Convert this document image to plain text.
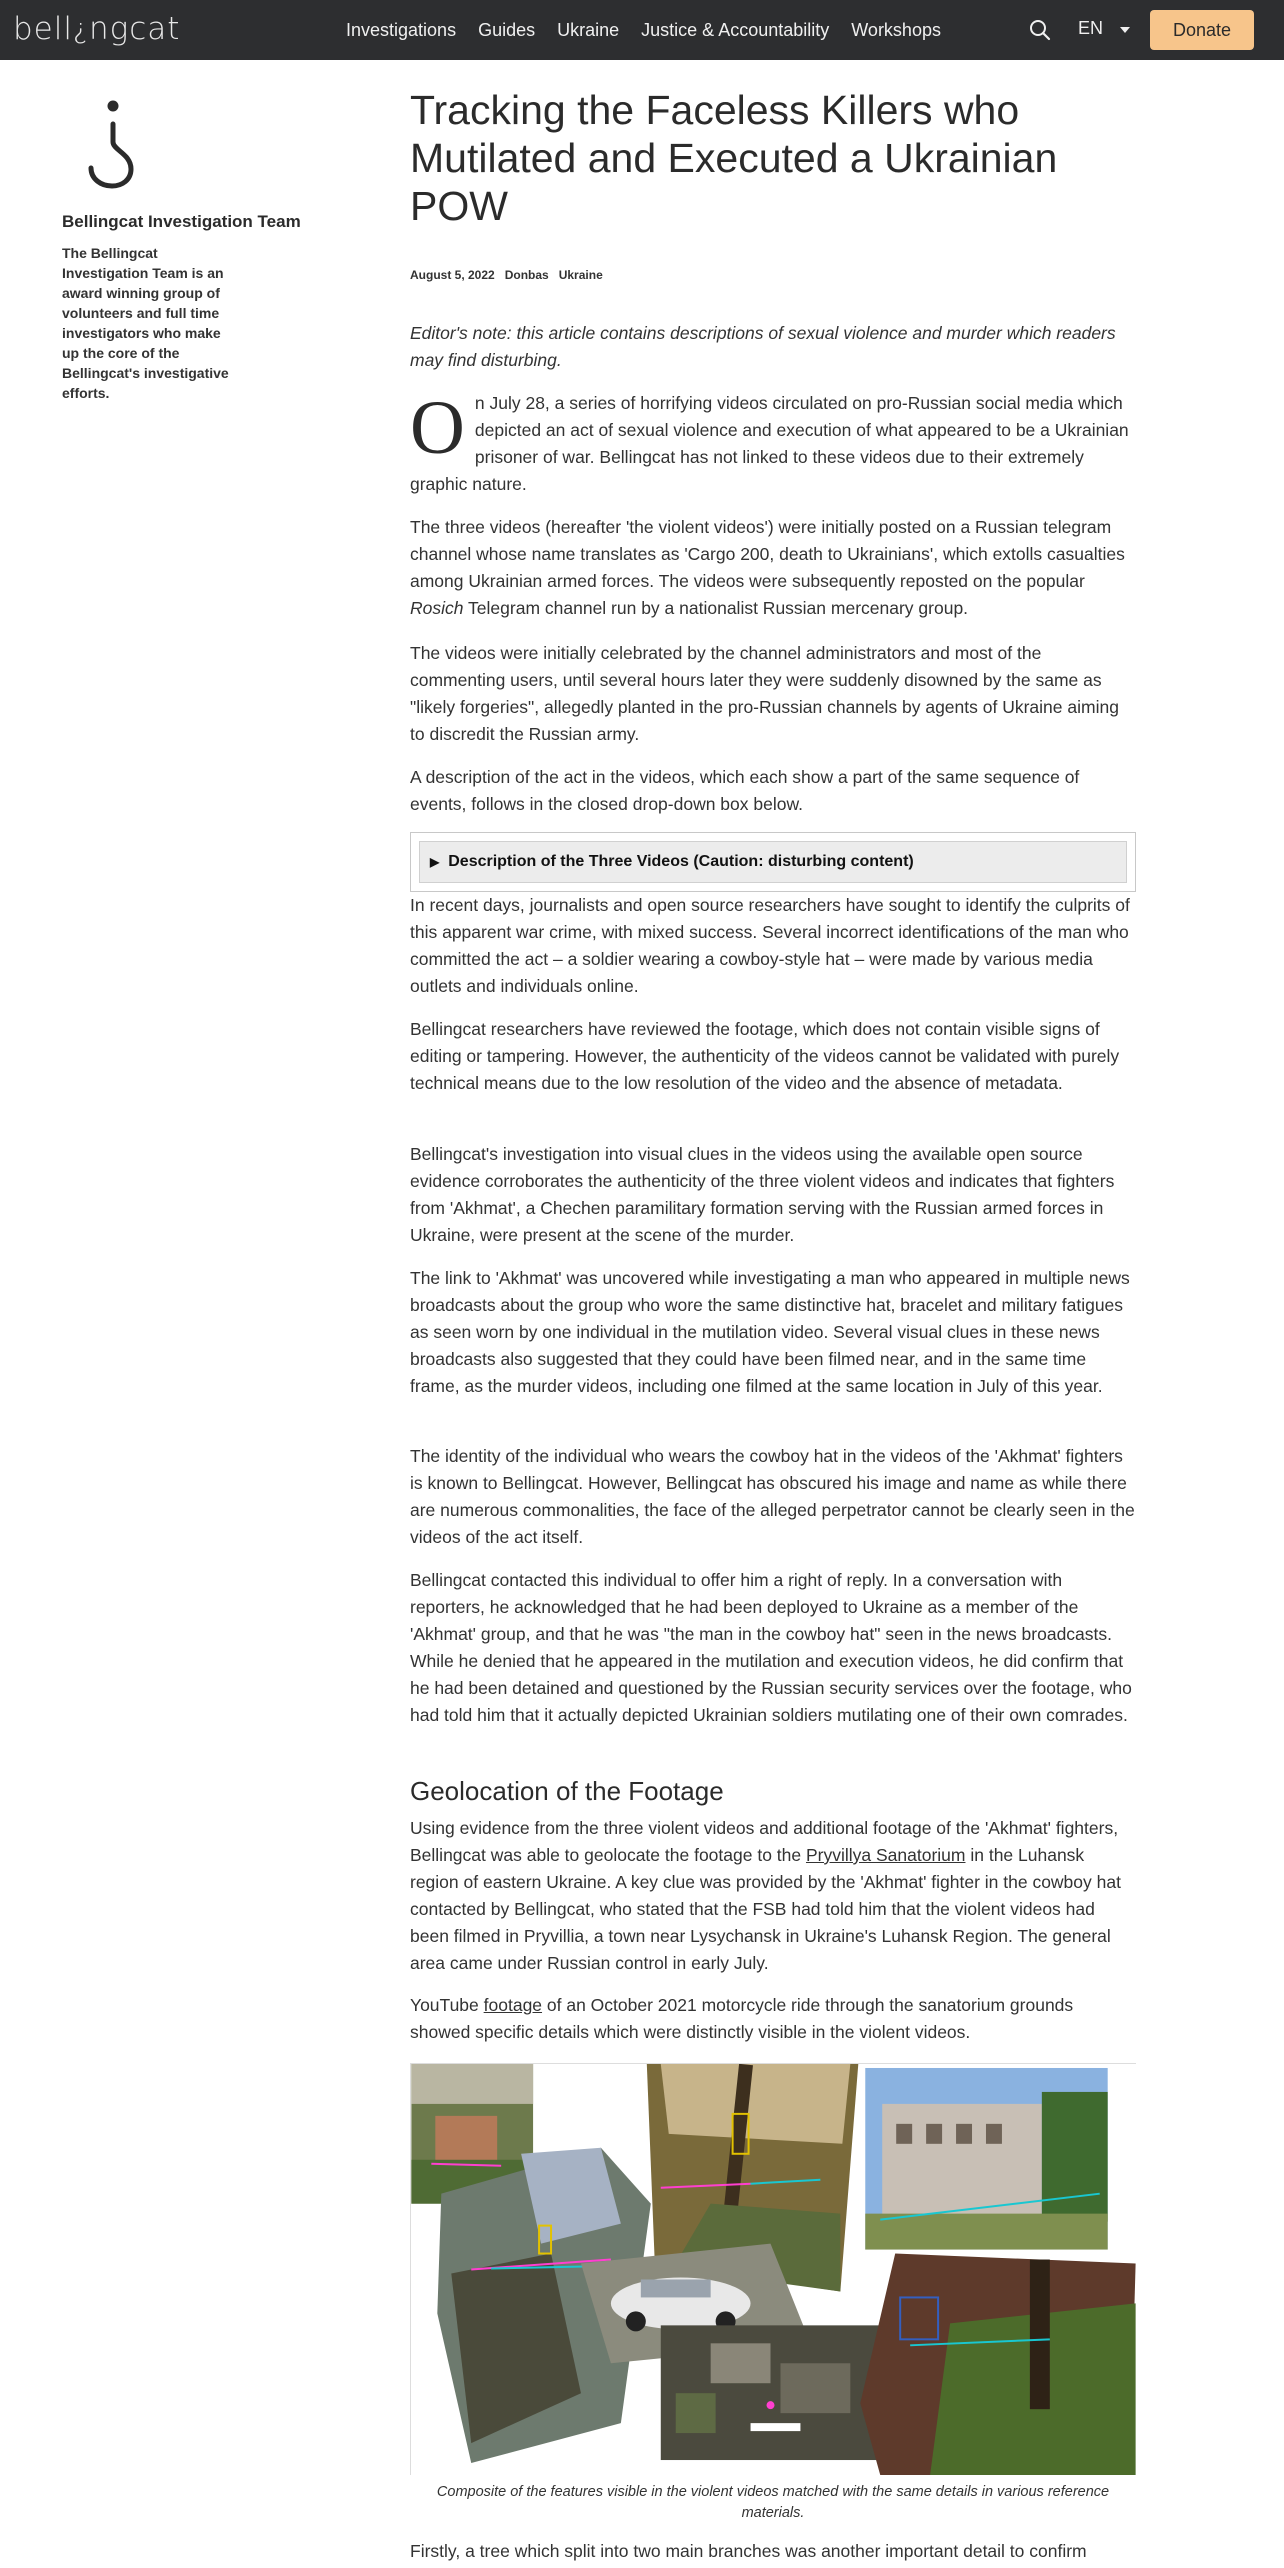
bell ¿ ngcat	Investigations Guides Ukraine Justice & Accountability Workshops	EN	Donate
Bellingcat Investigation Team
The Bellingcat Investigation Team is an award winning group of volunteers and full time investigators who make up the core of the Bellingcat's investigative efforts.
Tracking the Faceless Killers who Mutilated and Executed a Ukrainian POW
August 5, 2022 Donbas Ukraine

Editor's note: this article contains descriptions of sexual violence and murder which readers may find disturbing.

On July 28, a series of horrifying videos circulated on pro-Russian social media which depicted an act of sexual violence and execution of what appeared to be a Ukrainian prisoner of war. Bellingcat has not linked to these videos due to their extremely graphic nature.

The three videos (hereafter 'the violent videos') were initially posted on a Russian telegram channel whose name translates as 'Cargo 200, death to Ukrainians', which extolls casualties among Ukrainian armed forces. The videos were subsequently reposted on the popular Rosich Telegram channel run by a nationalist Russian mercenary group.

The videos were initially celebrated by the channel administrators and most of the commenting users, until several hours later they were suddenly disowned by the same as "likely forgeries", allegedly planted in the pro-Russian channels by agents of Ukraine aiming to discredit the Russian army.

A description of the act in the videos, which each show a part of the same sequence of events, follows in the closed drop-down box below.

▶ Description of the Three Videos (Caution: disturbing content)

In recent days, journalists and open source researchers have sought to identify the culprits of this apparent war crime, with mixed success. Several incorrect identifications of the man who committed the act – a soldier wearing a cowboy-style hat – were made by various media outlets and individuals online.

Bellingcat researchers have reviewed the footage, which does not contain visible signs of editing or tampering. However, the authenticity of the videos cannot be validated with purely technical means due to the low resolution of the video and the absence of metadata.

Bellingcat's investigation into visual clues in the videos using the available open source evidence corroborates the authenticity of the three violent videos and indicates that fighters from 'Akhmat', a Chechen paramilitary formation serving with the Russian armed forces in Ukraine, were present at the scene of the murder.

The link to 'Akhmat' was uncovered while investigating a man who appeared in multiple news broadcasts about the group who wore the same distinctive hat, bracelet and military fatigues as seen worn by one individual in the mutilation video. Several visual clues in these news broadcasts also suggested that they could have been filmed near, and in the same time frame, as the murder videos, including one filmed at the same location in July of this year.

The identity of the individual who wears the cowboy hat in the videos of the 'Akhmat' fighters is known to Bellingcat. However, Bellingcat has obscured his image and name as while there are numerous commonalities, the face of the alleged perpetrator cannot be clearly seen in the videos of the act itself.

Bellingcat contacted this individual to offer him a right of reply. In a conversation with reporters, he acknowledged that he had been deployed to Ukraine as a member of the 'Akhmat' group, and that he was "the man in the cowboy hat" seen in the news broadcasts. While he denied that he appeared in the mutilation and execution videos, he did confirm that he had been detained and questioned by the Russian security services over the footage, who had told him that it actually depicted Ukrainian soldiers mutilating one of their own comrades.

Geolocation of the Footage

Using evidence from the three violent videos and additional footage of the 'Akhmat' fighters, Bellingcat was able to geolocate the footage to the Pryvillya Sanatorium in the Luhansk region of eastern Ukraine. A key clue was provided by the 'Akhmat' fighter in the cowboy hat contacted by Bellingcat, who stated that the FSB had told him that the violent videos had been filmed in Pryvillia, a town near Lysychansk in Ukraine's Luhansk Region. The general area came under Russian control in early July.

YouTube footage of an October 2021 motorcycle ride through the sanatorium grounds showed specific details which were distinctly visible in the violent videos.

Composite of the features visible in the violent videos matched with the same details in various reference materials.

Firstly, a tree which split into two main branches was another important detail to confirm
